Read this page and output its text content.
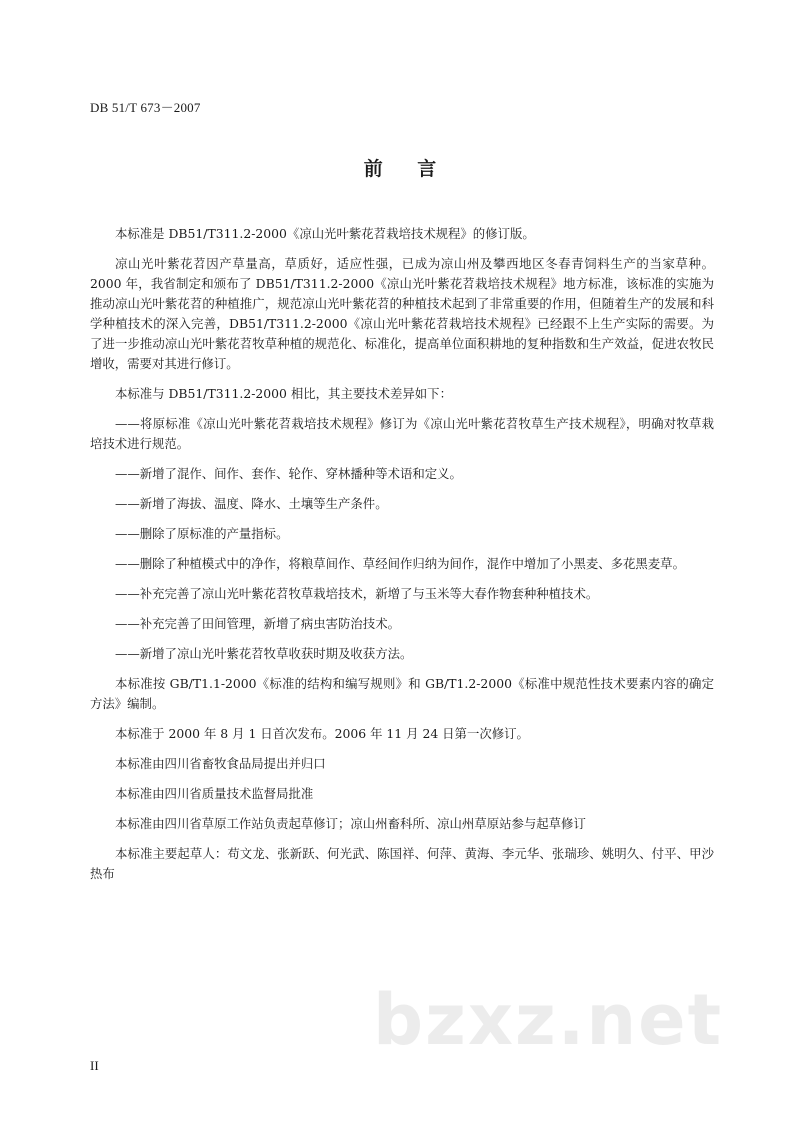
DB 51/T 673－2007
前 言

本标准是 DB51/T311.2-2000《凉山光叶紫花苕栽培技术规程》的修订版。

凉山光叶紫花苕因产草量高，草质好，适应性强，已成为凉山州及攀西地区冬春青饲料生产的当家草种。2000 年，我省制定和颁布了 DB51/T311.2-2000《凉山光叶紫花苕栽培技术规程》地方标准，该标准的实施为推动凉山光叶紫花苕的种植推广，规范凉山光叶紫花苕的种植技术起到了非常重要的作用，但随着生产的发展和科学种植技术的深入完善，DB51/T311.2-2000《凉山光叶紫花苕栽培技术规程》已经跟不上生产实际的需要。为了进一步推动凉山光叶紫花苕牧草种植的规范化、标准化，提高单位面积耕地的复种指数和生产效益，促进农牧民增收，需要对其进行修订。

本标准与 DB51/T311.2-2000 相比，其主要技术差异如下：

——将原标准《凉山光叶紫花苕栽培技术规程》修订为《凉山光叶紫花苕牧草生产技术规程》，明确对牧草栽培技术进行规范。

——新增了混作、间作、套作、轮作、穿林播种等术语和定义。

——新增了海拔、温度、降水、土壤等生产条件。

——删除了原标准的产量指标。

——删除了种植模式中的净作，将粮草间作、草经间作归纳为间作，混作中增加了小黑麦、多花黑麦草。

——补充完善了凉山光叶紫花苕牧草栽培技术，新增了与玉米等大春作物套种种植技术。

——补充完善了田间管理，新增了病虫害防治技术。

——新增了凉山光叶紫花苕牧草收获时期及收获方法。

本标准按 GB/T1.1-2000《标准的结构和编写规则》和 GB/T1.2-2000《标准中规范性技术要素内容的确定方法》编制。

本标准于 2000 年 8 月 1 日首次发布。2006 年 11 月 24 日第一次修订。

本标准由四川省畜牧食品局提出并归口

本标准由四川省质量技术监督局批准

本标准由四川省草原工作站负责起草修订；凉山州畜科所、凉山州草原站参与起草修订

本标准主要起草人：苟文龙、张新跃、何光武、陈国祥、何萍、黄海、李元华、张瑞珍、姚明久、付平、甲沙热布

bzxz.net
II
